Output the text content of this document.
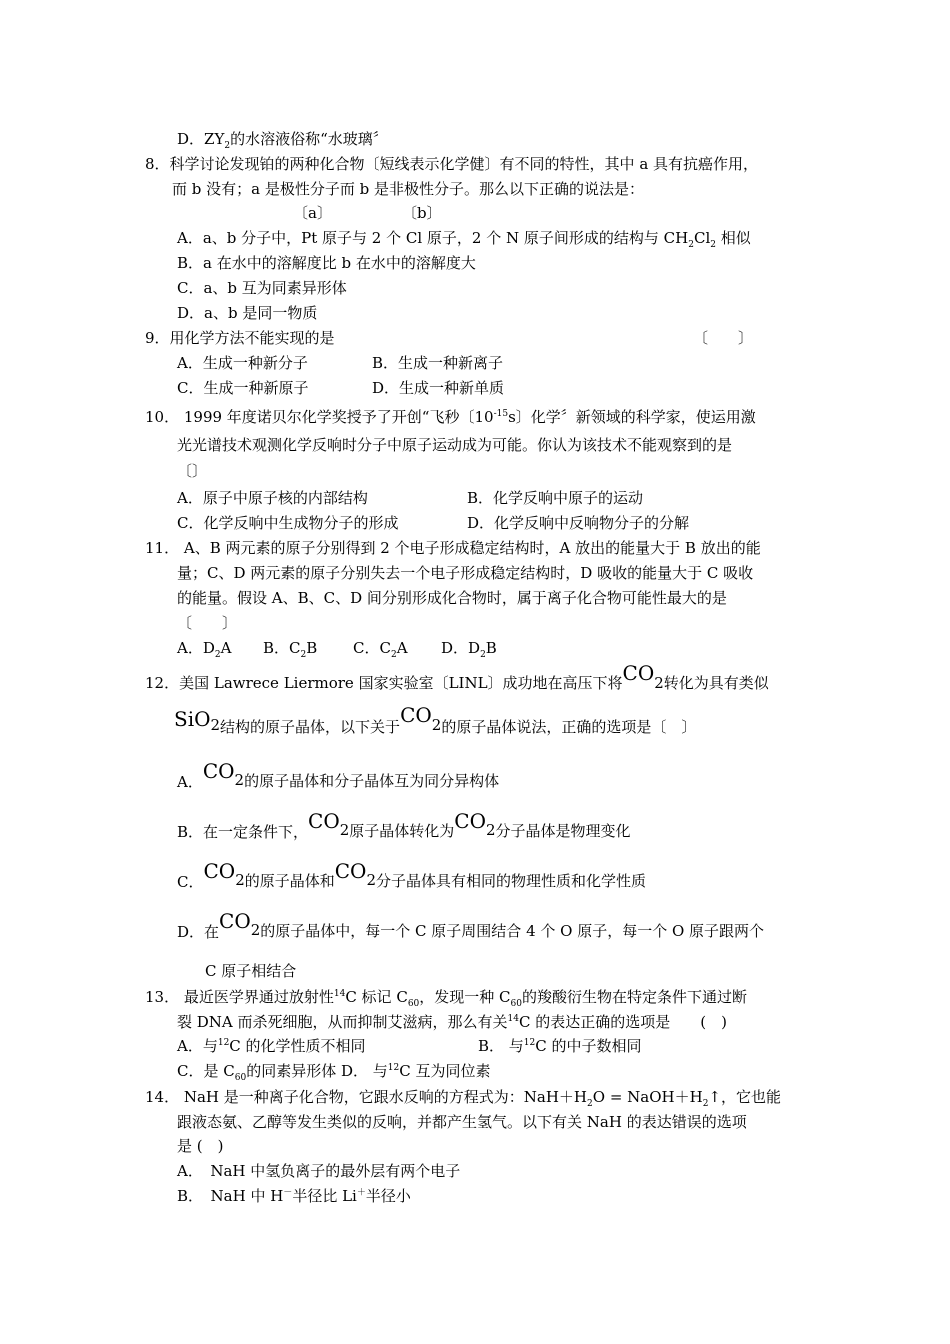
D．$ZY_2$的水溶液俗称“水玻璃〞
8．科学讨论发现铂的两种化合物〔短线表示化学健〕有不同的特性，其中 a 具有抗癌作用，
而 b 没有；a 是极性分子而 b 是非极性分子。那么以下正确的说法是：
〔a〕	〔b〕
A．a、b 分子中，Pt 原子与 2 个 Cl 原子，2 个 N 原子间形成的结构与 $CH_2Cl_2$ 相似
B．a 在水中的溶解度比 b 在水中的溶解度大
C．a、b 互为同素异形体
D．a、b 是同一物质
9．用化学方法不能实现的是	〔　　〕
A．生成一种新分子	B．生成一种新离子
C．生成一种新原子	D．生成一种新单质
10． 1999 年度诺贝尔化学奖授予了开创“飞秒〔$10^{-15}s$〕化学〞新领域的科学家，使运用激
光光谱技术观测化学反响时分子中原子运动成为可能。你认为该技术不能观察到的是
〔〕
A．原子中原子核的内部结构	B．化学反响中原子的运动
C．化学反响中生成物分子的形成	D．化学反响中反响物分子的分解
11． A、B 两元素的原子分别得到 2 个电子形成稳定结构时，A 放出的能量大于 B 放出的能
量；C、D 两元素的原子分别失去一个电子形成稳定结构时，D 吸收的能量大于 C 吸收
的能量。假设 A、B、C、D 间分别形成化合物时，属于离子化合物可能性最大的是
〔　　〕
A．$D_2A$ B．$C_2B$ C．$C_2A$ D．$D_2B$
12．美国 Lawrece Liermore 国家实验室〔LINL〕成功地在高压下将CO2转化为具有类似
SiO2结构的原子晶体，以下关于CO2的原子晶体说法，正确的选项是〔　〕
A．CO2的原子晶体和分子晶体互为同分异构体
B．在一定条件下，CO2原子晶体转化为CO2分子晶体是物理变化
C．CO2的原子晶体和CO2分子晶体具有相同的物理性质和化学性质
D．在CO2的原子晶体中，每一个 C 原子周围结合 4 个 O 原子，每一个 O 原子跟两个
C 原子相结合
13． 最近医学界通过放射性$^{14}$C 标记 $C_{60}$，发现一种 $C_{60}$的羧酸衍生物在特定条件下通过断
裂 DNA 而杀死细胞，从而抑制艾滋病，那么有关$^{14}$C 的表达正确的选项是　　 (　)
A．与$^{12}$C 的化学性质不相同	B． 与$^{12}$C 的中子数相同
C．是 $C_{60}$的同素异形体 D． 与$^{12}$C 互为同位素
14． NaH 是一种离子化合物，它跟水反响的方程式为：$NaH+H_2O$ = $NaOH+H_2↑$，它也能
跟液态氨、乙醇等发生类似的反响，并都产生氢气。以下有关 NaH 的表达错误的选项
是 (　)
A．　NaH 中氢负离子的最外层有两个电子
B．　NaH 中 H－半径比 Li＋半径小
